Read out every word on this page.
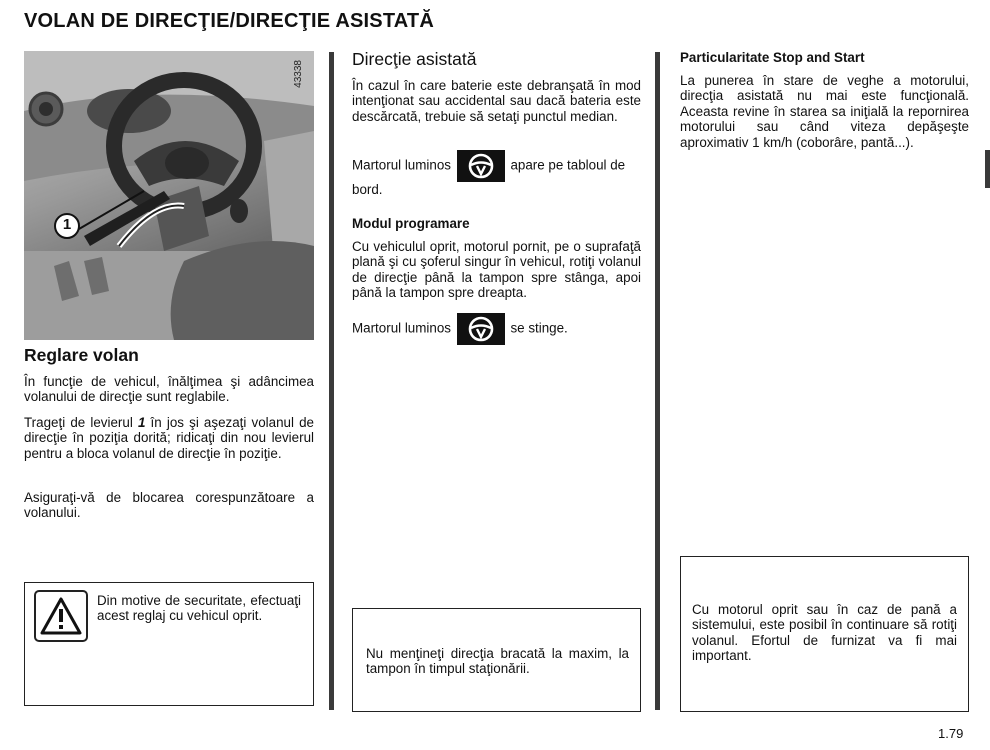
VOLAN DE DIRECŢIE/DIRECŢIE ASISTATĂ
1
43338
Reglare volan
În funcţie de vehicul, înălţimea şi adâncimea volanului de direcţie sunt reglabile.
Trageţi de levierul 1 în jos şi aşezaţi volanul de direcţie în poziţia dorită; ridicaţi din nou levierul pentru a bloca volanul de direcţie în poziţie.
Asiguraţi-vă de blocarea corespunzătoare a volanului.
Din motive de securitate, efectuaţi acest reglaj cu vehicul oprit.
Direcţie asistată
În cazul în care baterie este debranşată în mod intenţionat sau accidental sau dacă bateria este descărcată, trebuie să setaţi punctul median.
Martorul luminos	apare pe tabloul de bord.
Modul programare
Cu vehiculul oprit, motorul pornit, pe o suprafaţă plană şi cu şoferul singur în vehicul, rotiţi volanul de direcţie până la tampon spre stânga, apoi până la tampon spre dreapta.
Martorul luminos	se stinge.
Nu menţineţi direcţia bracată la maxim, la tampon în timpul staţionării.
Particularitate Stop and Start
La punerea în stare de veghe a motorului, direcţia asistată nu mai este funcţională. Aceasta revine în starea sa iniţială la repornirea motorului sau când viteza depăşeşte aproximativ 1 km/h (coborâre, pantă...).
Cu motorul oprit sau în caz de pană a sistemului, este posibil în continuare să rotiţi volanul. Efortul de furnizat va fi mai important.
1.79
